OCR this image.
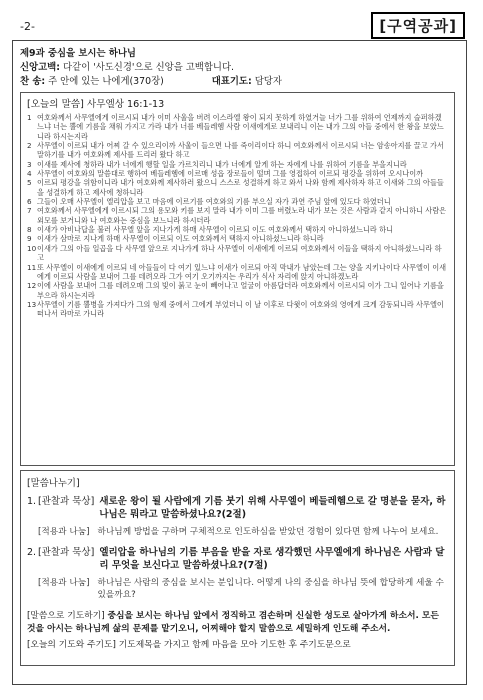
-2-	[구역공과]
제9과 중심을 보시는 하나님
신앙고백: 다같이 '사도신경'으로 신앙을 고백합니다.
찬 송: 주 안에 있는 나에게(370장)	대표기도: 담당자
[오늘의 말씀] 사무엘상 16:1-13
1 여호와께서 사무엘에게 이르시되 내가 이미 사울을 버려 이스라엘 왕이 되지 못하게 하였거늘 너가 그를 위하여 언제까지 슬퍼하겠느냐 너는 뿔에 기름을 채워 가지고 가라 내가 너를 베들레헴 사람 이새에게로 보내리니 이는 내가 그의 아들 중에서 한 왕을 보았느니라 하시는지라
2 사무엘이 이르되 내가 어찌 갈 수 있으리이까 사울이 들으면 나를 죽이리이다 하니 여호와께서 이르시되 너는 암송아지를 끌고 가서 말하기를 내가 여호와께 제사를 드리러 왔다 하고
3 이새를 제사에 청하라 내가 너에게 행할 일을 가르치리니 내가 너에게 알게 하는 자에게 나를 위하여 기름을 부을지니라
4 사무엘이 여호와의 말씀대로 행하여 베들레헴에 이르매 성읍 장로들이 떨며 그를 영접하여 이르되 평강을 위하여 오시나이까
5 이르되 평강을 위함이니라 내가 여호와께 제사하러 왔으니 스스로 성결하게 하고 와서 나와 함께 제사하자 하고 이새와 그의 아들들을 성결하게 하고 제사에 청하니라
6 그들이 오매 사무엘이 엘리압을 보고 마음에 이르기를 여호와의 기름 부으실 자가 과연 주님 앞에 있도다 하였더니
7 여호와께서 사무엘에게 이르시되 그의 용모와 키를 보지 말라 내가 이미 그를 버렸노라 내가 보는 것은 사람과 같지 아니하니 사람은 외모를 보거니와 나 여호와는 중심을 보느니라 하시더라
8 이새가 아비나답을 불러 사무엘 앞을 지나가게 하매 사무엘이 이르되 이도 여호와께서 택하지 아니하셨느니라 하니
9 이새가 삼마로 지나게 하매 사무엘이 이르되 이도 여호와께서 택하지 아니하셨느니라 하니라
10 이새가 그의 아들 일곱을 다 사무엘 앞으로 지나가게 하나 사무엘이 이새에게 이르되 여호와께서 이들을 택하지 아니하셨느니라 하고
11 또 사무엘이 이새에게 이르되 네 아들들이 다 여기 있느냐 이새가 이르되 아직 막내가 남았는데 그는 양을 지키나이다 사무엘이 이새에게 이르되 사람을 보내어 그를 데려오라 그가 여기 오기까지는 우리가 식사 자리에 앉지 아니하겠노라
12 이에 사람을 보내어 그를 데려오매 그의 빛이 붉고 눈이 빼어나고 얼굴이 아름답더라 여호와께서 이르시되 이가 그니 일어나 기름을 부으라 하시는지라
13 사무엘이 기름 뿔병을 가져다가 그의 형제 중에서 그에게 부었더니 이 날 이후로 다윗이 여호와의 영에게 크게 감동되니라 사무엘이 떠나서 라마로 가니라
[말씀나누기]
1. [관찰과 묵상] 새로운 왕이 될 사람에게 기름 붓기 위해 사무엘이 베들레헴으로 갈 명분을 묻자, 하나님은 뭐라고 말씀하셨나요?(2절)
[적용과 나눔] 하나님께 방법을 구하며 구체적으로 인도하심을 받았던 경험이 있다면 함께 나누어 보세요.
2. [관찰과 묵상] 엘리압을 하나님의 기름 부음을 받을 자로 생각했던 사무엘에게 하나님은 사람과 달리 무엇을 보신다고 말씀하셨나요?(7절)
[적용과 나눔] 하나님은 사람의 중심을 보시는 분입니다. 어떻게 나의 중심을 하나님 뜻에 합당하게 세울 수 있을까요?
[말씀으로 기도하기] 중심을 보시는 하나님 앞에서 정직하고 겸손하며 신실한 성도로 살아가게 하소서. 모든 것을 아시는 하나님께 삶의 문제를 맡기오니, 어찌해야 할지 말씀으로 세밀하게 인도해 주소서.
[오늘의 기도와 주기도] 기도제목을 가지고 함께 마음을 모아 기도한 후 주기도문으로
